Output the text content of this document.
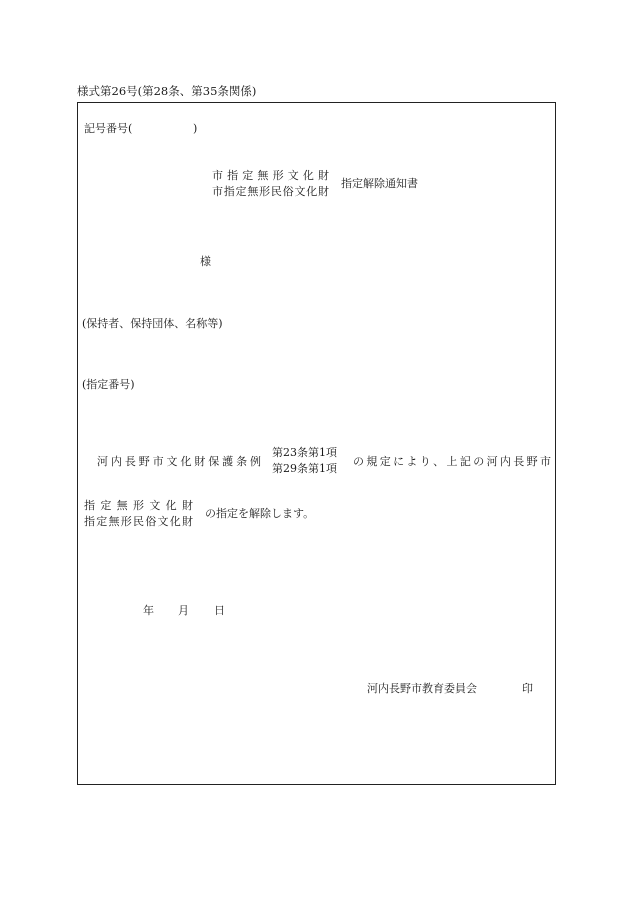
様式第26号(第28条、第35条関係)
記号番号(	)
市 指 定 無 形 文 化 財
市指定無形民俗文化財
指定解除通知書
様
(保持者、保持団体、名称等)
(指定番号)
河内長野市文化財保護条例
第23条第1項
第29条第1項
の規定により、上記の河内長野市
指 定 無 形 文 化 財
指定無形民俗文化財
の指定を解除します。
年 月 日
河内長野市教育委員会	印
